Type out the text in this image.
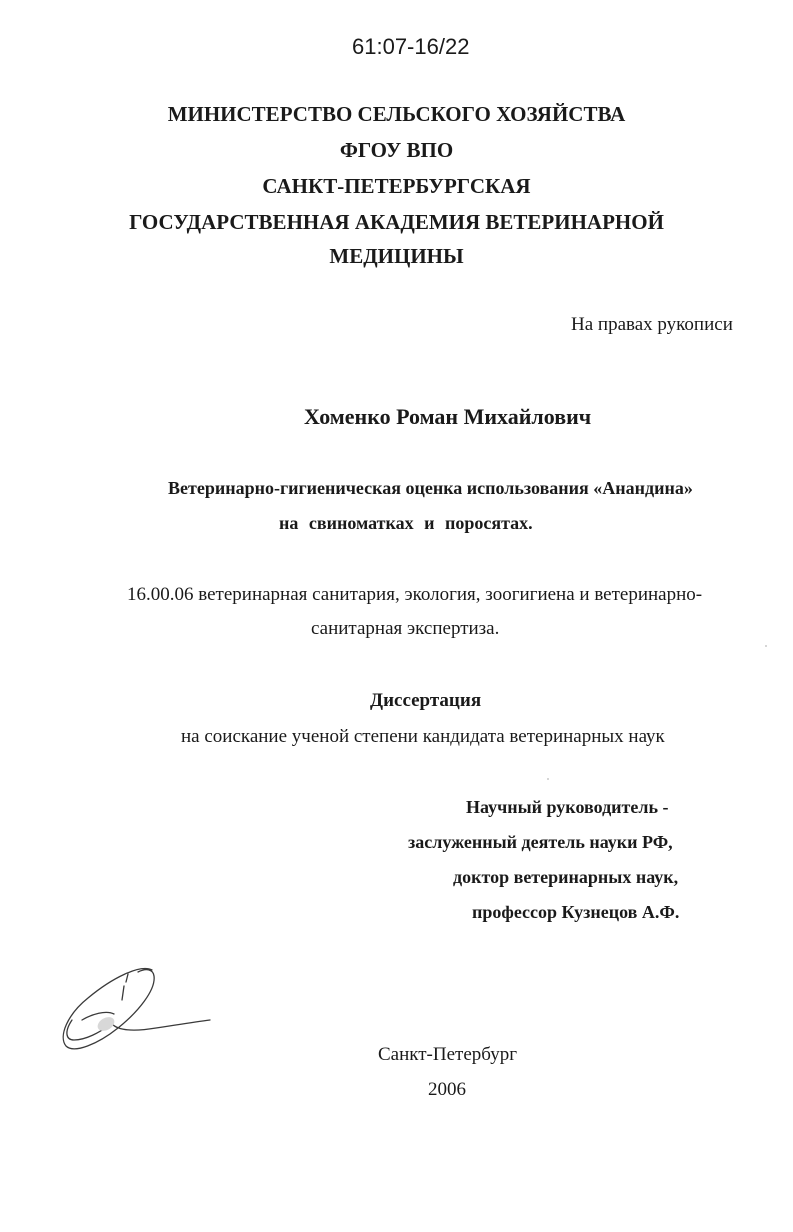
61:07-16/22
МИНИСТЕРСТВО СЕЛЬСКОГО ХОЗЯЙСТВА
ФГОУ ВПО
САНКТ-ПЕТЕРБУРГСКАЯ
ГОСУДАРСТВЕННАЯ АКАДЕМИЯ ВЕТЕРИНАРНОЙ
МЕДИЦИНЫ
На правах рукописи
Хоменко Роман Михайлович
Ветеринарно-гигиеническая оценка использования «Анандина»
на свиноматках и поросятах.
16.00.06 ветеринарная санитария, экология, зоогигиена и ветеринарно-
санитарная экспертиза.
Диссертация
на соискание ученой степени кандидата ветеринарных наук
Научный руководитель -
заслуженный деятель науки РФ,
доктор ветеринарных наук,
профессор Кузнецов А.Ф.
Санкт-Петербург
2006
